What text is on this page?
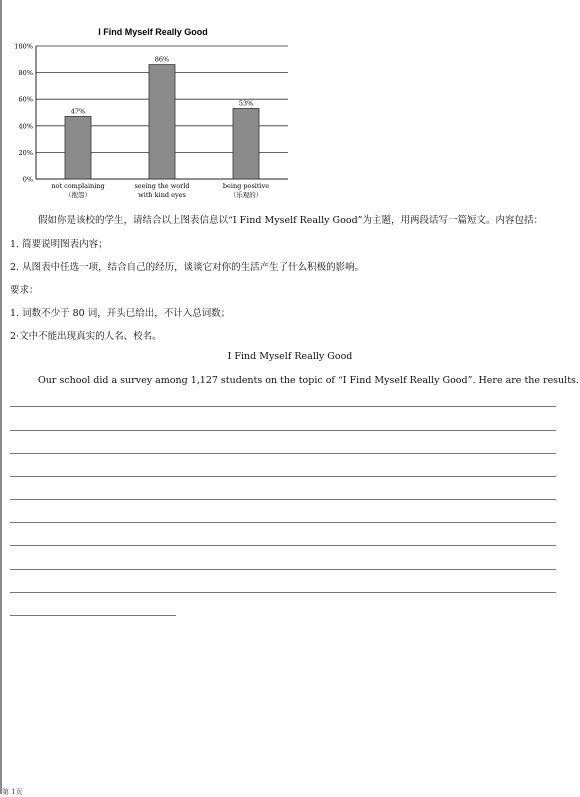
I Find Myself Really Good
0%
20%
40%
60%
80%
100%
47%
not complaining
（抱怨）
86%
seeing the world
with kind eyes
53%
being positive
（乐观的）
假如你是该校的学生，请结合以上图表信息以“I Find Myself Really Good”为主题，用两段话写一篇短文。内容包括：
1. 简要说明图表内容；
2. 从图表中任选一项，结合自己的经历，谈谈它对你的生活产生了什么积极的影响。
要求：
1. 词数不少于 80 词，开头已给出，不计入总词数；
2·文中不能出现真实的人名、校名。
I Find Myself Really Good
Our school did a survey among 1,127 students on the topic of “I Find Myself Really Good”. Here are the results.
第 1页
